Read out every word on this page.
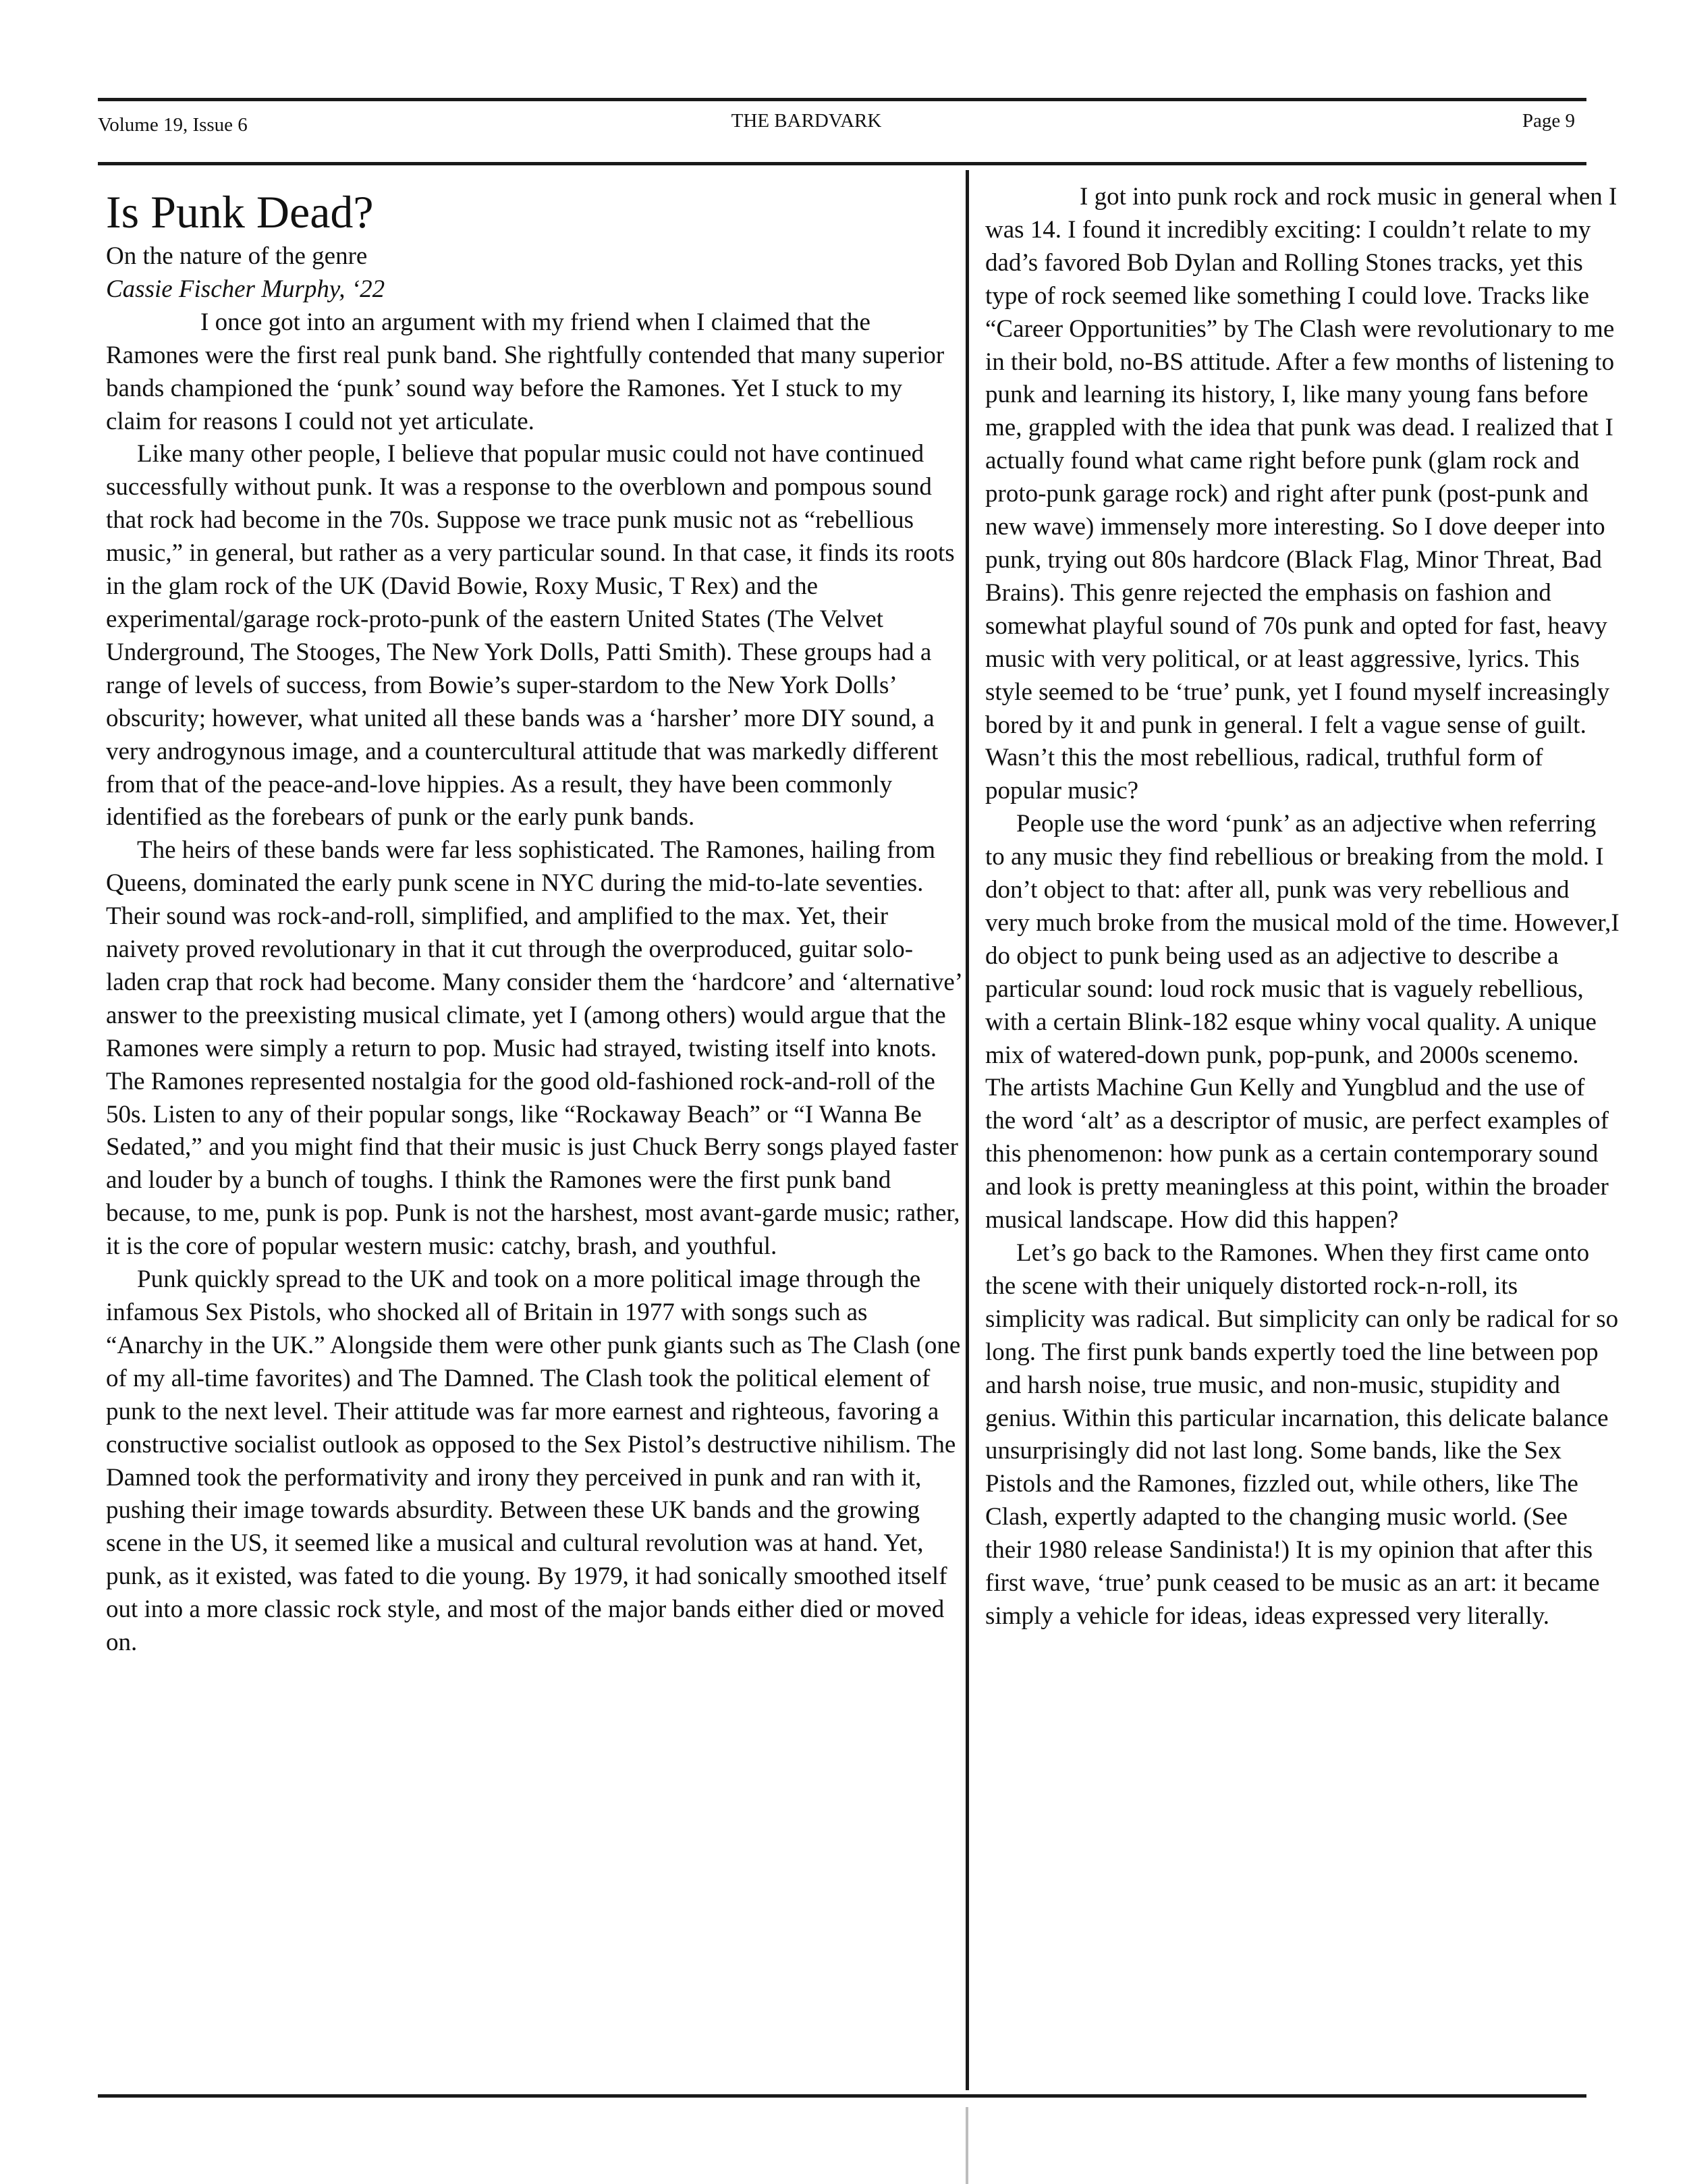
Volume 19, Issue 6	THE BARDVARK	Page 9
Is Punk Dead?

On the nature of the genre

Cassie Fischer Murphy, ‘22

I once got into an argument with my friend when I claimed that the Ramones were the first real punk band. She rightfully contended that many superior bands championed the ‘punk’ sound way before the Ramones. Yet I stuck to my claim for reasons I could not yet articulate.

Like many other people, I believe that popular music could not have continued successfully without punk. It was a response to the overblown and pompous sound that rock had become in the 70s. Suppose we trace punk music not as “rebellious music,” in general, but rather as a very particular sound. In that case, it finds its roots in the glam rock of the UK (David Bowie, Roxy Music, T Rex) and the experimental/garage rock-proto-punk of the eastern United States (The Velvet Underground, The Stooges, The New York Dolls, Patti Smith). These groups had a range of levels of success, from Bowie’s super-stardom to the New York Dolls’ obscurity; however, what united all these bands was a ‘harsher’ more DIY sound, a very androgynous image, and a countercultural attitude that was markedly different from that of the peace-and-love hippies. As a result, they have been commonly identified as the forebears of punk or the early punk bands.

The heirs of these bands were far less sophisticated. The Ramones, hailing from Queens, dominated the early punk scene in NYC during the mid-to-late seventies. Their sound was rock-and-roll, simplified, and amplified to the max. Yet, their naivety proved revolutionary in that it cut through the overproduced, guitar solo-laden crap that rock had become. Many consider them the ‘hardcore’ and ‘alternative’ answer to the preexisting musical climate, yet I (among others) would argue that the Ramones were simply a return to pop. Music had strayed, twisting itself into knots. The Ramones represented nostalgia for the good old-fashioned rock-and-roll of the 50s. Listen to any of their popular songs, like “Rockaway Beach” or “I Wanna Be Sedated,” and you might find that their music is just Chuck Berry songs played faster and louder by a bunch of toughs. I think the Ramones were the first punk band because, to me, punk is pop. Punk is not the harshest, most avant-garde music; rather, it is the core of popular western music: catchy, brash, and youthful.

Punk quickly spread to the UK and took on a more political image through the infamous Sex Pistols, who shocked all of Britain in 1977 with songs such as “Anarchy in the UK.” Alongside them were other punk giants such as The Clash (one of my all-time favorites) and The Damned. The Clash took the political element of punk to the next level. Their attitude was far more earnest and righteous, favoring a constructive socialist outlook as opposed to the Sex Pistol’s destructive nihilism. The Damned took the performativity and irony they perceived in punk and ran with it, pushing their image towards absurdity. Between these UK bands and the growing scene in the US, it seemed like a musical and cultural revolution was at hand. Yet, punk, as it existed, was fated to die young. By 1979, it had sonically smoothed itself out into a more classic rock style, and most of the major bands either died or moved on.

I got into punk rock and rock music in general when I was 14. I found it incredibly exciting: I couldn’t relate to my dad’s favored Bob Dylan and Rolling Stones tracks, yet this type of rock seemed like something I could love. Tracks like “Career Opportunities” by The Clash were revolutionary to me in their bold, no-BS attitude. After a few months of listening to punk and learning its history, I, like many young fans before me, grappled with the idea that punk was dead. I realized that I actually found what came right before punk (glam rock and proto-punk garage rock) and right after punk (post-punk and new wave) immensely more interesting. So I dove deeper into punk, trying out 80s hardcore (Black Flag, Minor Threat, Bad Brains). This genre rejected the emphasis on fashion and somewhat playful sound of 70s punk and opted for fast, heavy music with very political, or at least aggressive, lyrics. This style seemed to be ‘true’ punk, yet I found myself increasingly bored by it and punk in general. I felt a vague sense of guilt. Wasn’t this the most rebellious, radical, truthful form of popular music?

People use the word ‘punk’ as an adjective when referring to any music they find rebellious or breaking from the mold. I don’t object to that: after all, punk was very rebellious and very much broke from the musical mold of the time. However,I do object to punk being used as an adjective to describe a particular sound: loud rock music that is vaguely rebellious, with a certain Blink-182 esque whiny vocal quality. A unique mix of watered-down punk, pop-punk, and 2000s scenemo. The artists Machine Gun Kelly and Yungblud and the use of the word ‘alt’ as a descriptor of music, are perfect examples of this phenomenon: how punk as a certain contemporary sound and look is pretty meaningless at this point, within the broader musical landscape. How did this happen?

Let’s go back to the Ramones. When they first came onto the scene with their uniquely distorted rock-n-roll, its simplicity was radical. But simplicity can only be radical for so long. The first punk bands expertly toed the line between pop and harsh noise, true music, and non-music, stupidity and genius. Within this particular incarnation, this delicate balance unsurprisingly did not last long. Some bands, like the Sex Pistols and the Ramones, fizzled out, while others, like The Clash, expertly adapted to the changing music world. (See their 1980 release Sandinista!) It is my opinion that after this first wave, ‘true’ punk ceased to be music as an art: it became simply a vehicle for ideas, ideas expressed very literally.
